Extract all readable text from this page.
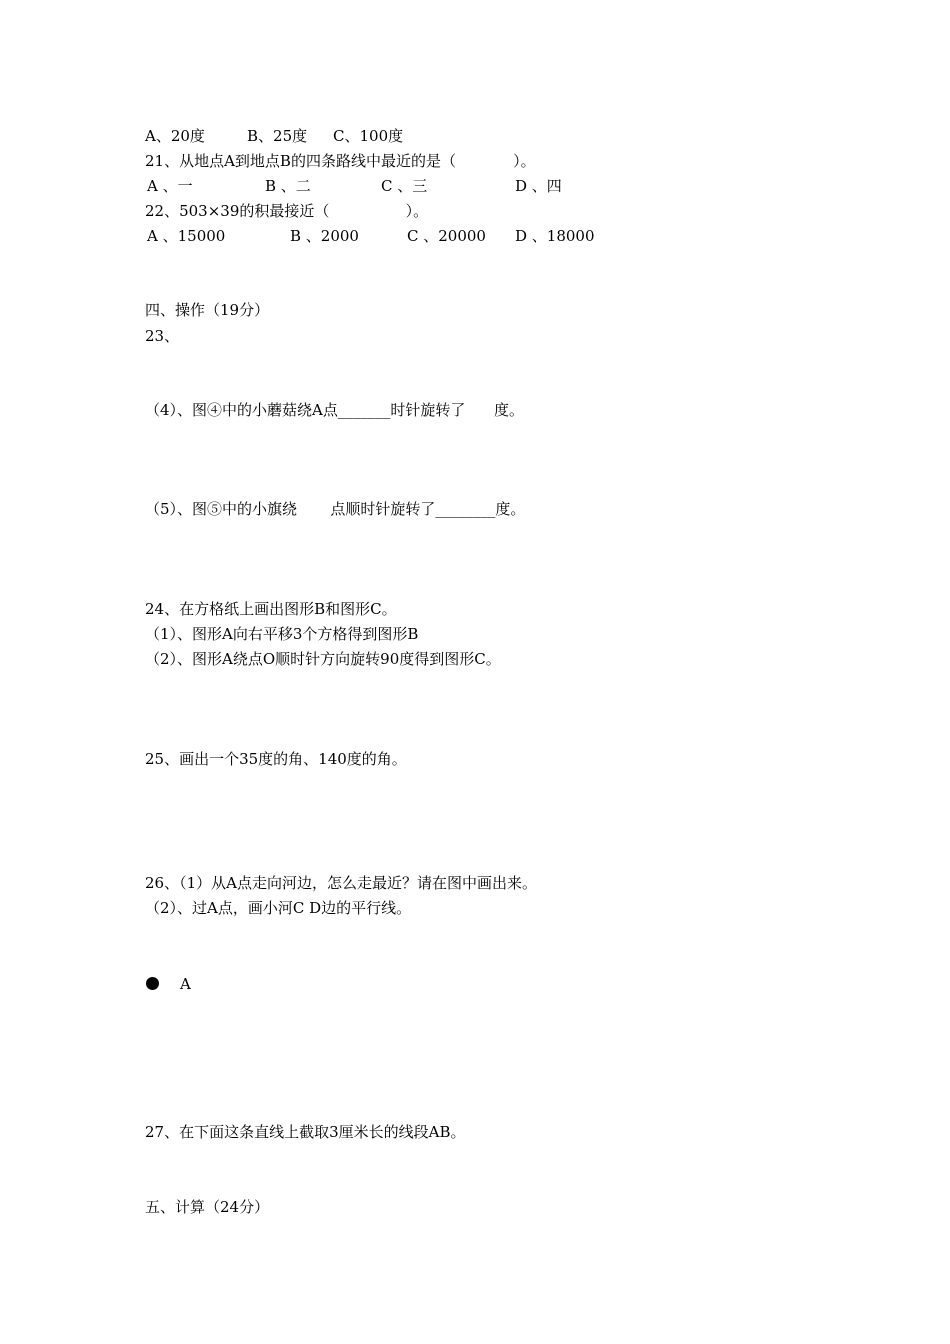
A、20度	B、25度 C、100度
21、从地点A到地点B的四条路线中最近的是（            ）。
A 、一	B 、二	C 、三	D 、四
22、503×39的积最接近（                ）。
A 、15000	B 、2000	C 、20000 D 、18000
四、操作（19分）
23、
（4）、图④中的小蘑菇绕A点_______时针旋转了      度。
（5）、图⑤中的小旗绕       点顺时针旋转了________度。
24、在方格纸上画出图形B和图形C。
（1）、图形A向右平移3个方格得到图形B
（2）、图形A绕点O顺时针方向旋转90度得到图形C。
25、画出一个35度的角、140度的角。
26、（1）从A点走向河边，怎么走最近？请在图中画出来。
（2）、过A点，画小河C D边的平行线。
A
27、在下面这条直线上截取3厘米长的线段AB。
五、计算（24分）
